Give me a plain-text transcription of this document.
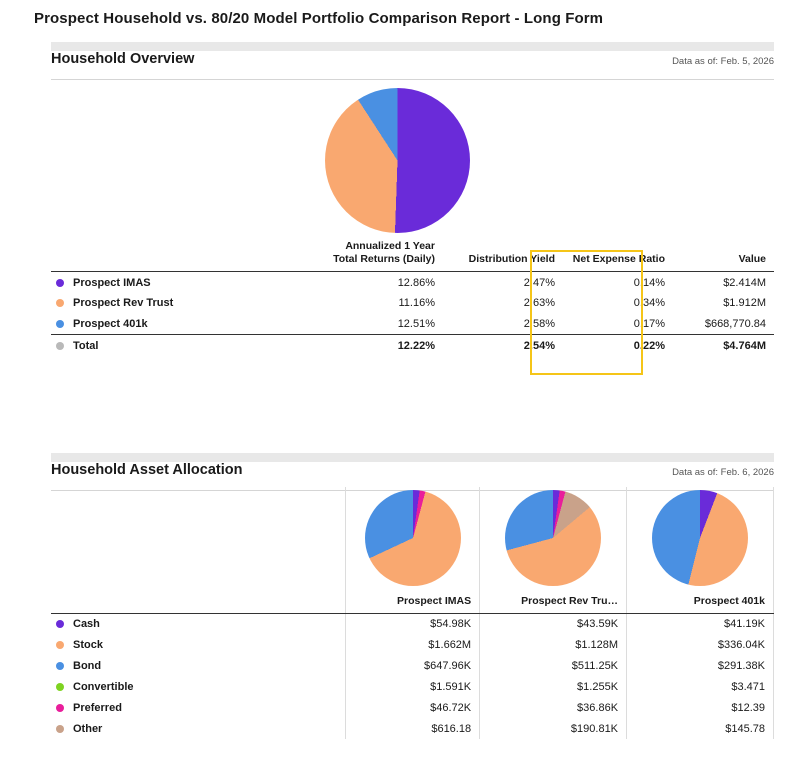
Prospect Household vs. 80/20 Model Portfolio Comparison Report - Long Form
Household Overview	Data as of: Feb. 5, 2026
	Annualized 1 Year
Total Returns (Daily)	Distribution Yield	Net Expense Ratio	Value

Prospect IMAS	12.86%	2.47%	0.14%	$2.414M

Prospect Rev Trust	11.16%	2.63%	0.34%	$1.912M

Prospect 401k	12.51%	2.58%	0.17%	$668,770.84

Total	12.22%	2.54%	0.22%	$4.764M
Household Asset Allocation	Data as of: Feb. 6, 2026

	Prospect IMAS	Prospect Rev Tru…	Prospect 401k

Cash	$54.98K	$43.59K	$41.19K

Stock	$1.662M	$1.128M	$336.04K

Bond	$647.96K	$511.25K	$291.38K

Convertible	$1.591K	$1.255K	$3.471

Preferred	$46.72K	$36.86K	$12.39

Other	$616.18	$190.81K	$145.78
